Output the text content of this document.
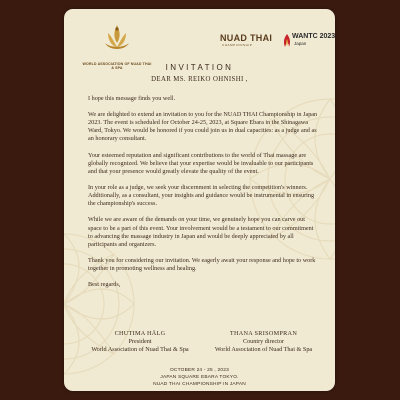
WORLD ASSOCIATION OF NUAD THAI & SPA
NUAD THAI
CHAMPIONSHIP
WANTC 2023
Japan
INVITATION
DEAR MS. REIKO OHNISHI ,

I hope this message finds you well.

We are delighted to extend an invitation to you for the NUAD THAI Championship in Japan 2023. The event is scheduled for October 24-25, 2023, at Square Ebara in the Shinagawa Ward, Tokyo. We would be honored if you could join us in dual capacities: as a judge and as an honorary consultant.

Your esteemed reputation and significant contributions to the world of Thai massage are globally recognized. We believe that your expertise would be invaluable to our participants and that your presence would greatly elevate the quality of the event.

In your role as a judge, we seek your discernment in selecting the competition's winners. Additionally, as a consultant, your insights and guidance would be instrumental in ensuring the championship's success.

While we are aware of the demands on your time, we genuinely hope you can carve out space to be a part of this event. Your involvement would be a testament to our commitment to advancing the massage industry in Japan and would be deeply appreciated by all participants and organizers.

Thank you for considering our invitation. We eagerly await your response and hope to work together in promoting wellness and healing.

Best regards,

CHUTIMA HÄLG
President
World Association of Nuad Thai & Spa
THANA SRISOMPRAN
Country director
World Association of Nuad Thai & Spa
OCTOBER 24 - 25 , 2023
JAPAN SQUARE EBARA TOKYO.
NUAD THAI CHAMPIONSHIP IN JAPAN
